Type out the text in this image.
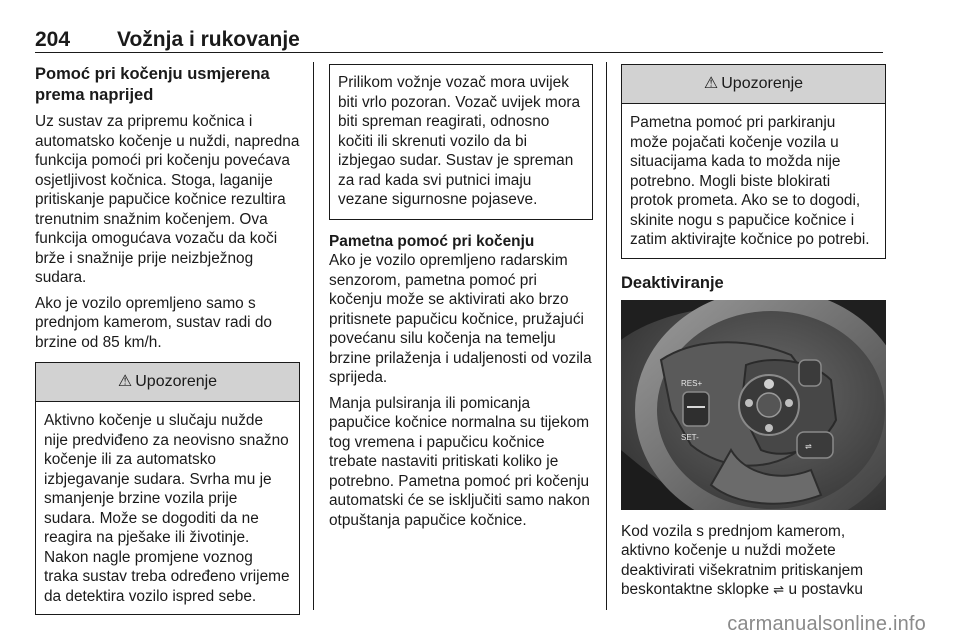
204 Vožnja i rukovanje
Pomoć pri kočenju usmjerena prema naprijed

Uz sustav za pripremu kočnica i automatsko kočenje u nuždi, napredna funkcija pomoći pri kočenju povećava osjetljivost kočnica. Stoga, laganije pritiskanje papučice kočnice rezultira trenutnim snažnim kočenjem. Ova funkcija omogućava vozaču da koči brže i snažnije prije neizbježnog sudara.

Ako je vozilo opremljeno samo s prednjom kamerom, sustav radi do brzine od 85 km/h.

⚠ Upozorenje
Aktivno kočenje u slučaju nužde nije predviđeno za neovisno snažno kočenje ili za automatsko izbjegavanje sudara. Svrha mu je smanjenje brzine vozila prije sudara. Može se dogoditi da ne reagira na pješake ili životinje. Nakon nagle promjene voznog traka sustav treba određeno vrijeme da detektira vozilo ispred sebe.
Prilikom vožnje vozač mora uvijek biti vrlo pozoran. Vozač uvijek mora biti spreman reagirati, odnosno kočiti ili skrenuti vozilo da bi izbjegao sudar. Sustav je spreman za rad kada svi putnici imaju vezane sigurnosne pojaseve.
Pametna pomoć pri kočenju

Ako je vozilo opremljeno radarskim senzorom, pametna pomoć pri kočenju može se aktivirati ako brzo pritisnete papučicu kočnice, pružajući povećanu silu kočenja na temelju brzine prilaženja i udaljenosti od vozila sprijeda.

Manja pulsiranja ili pomicanja papučice kočnice normalna su tijekom tog vremena i papučicu kočnice trebate nastaviti pritiskati koliko je potrebno. Pametna pomoć pri kočenju automatski će se isključiti samo nakon otpuštanja papučice kočnice.

⚠ Upozorenje
Pametna pomoć pri parkiranju može pojačati kočenje vozila u situacijama kada to možda nije potrebno. Mogli biste blokirati protok prometa. Ako se to dogodi, skinite nogu s papučice kočnice i zatim aktivirajte kočnice po potrebi.
Deaktiviranje
RES+
SET-
⇌

Kod vozila s prednjom kamerom, aktivno kočenje u nuždi možete deaktivirati višekratnim pritiskanjem beskontaktne sklopke ⇌ u postavku

carmanualsonline.info
